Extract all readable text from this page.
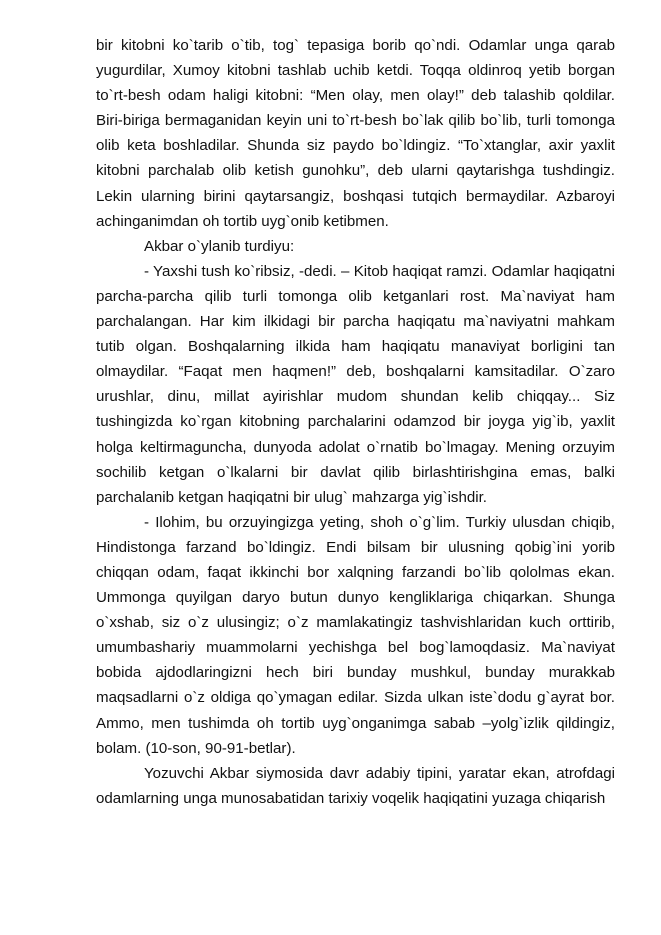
bir kitobni ko`tarib o`tib, tog` tepasiga borib qo`ndi. Odamlar unga qarab yugurdilar, Xumoy kitobni tashlab uchib ketdi. Toqqa oldinroq yetib borgan to`rt-besh odam haligi kitobni: “Men olay, men olay!” deb talashib qoldilar. Biri-biriga bermaganidan keyin uni to`rt-besh bo`lak qilib bo`lib, turli tomonga olib keta boshladilar. Shunda siz paydo bo`ldingiz. “To`xtanglar, axir yaxlit kitobni parchalab olib ketish gunohku”, deb ularni qaytarishga tushdingiz. Lekin ularning birini qaytarsangiz, boshqasi tutqich bermaydilar. Azbaroyi achinganimdan oh tortib uyg`onib ketibmen.

Akbar o`ylanib turdiyu:

- Yaxshi tush ko`ribsiz, -dedi. – Kitob haqiqat ramzi. Odamlar haqiqatni parcha-parcha qilib turli tomonga olib ketganlari rost. Ma`naviyat ham parchalangan. Har kim ilkidagi bir parcha haqiqatu ma`naviyatni mahkam tutib olgan. Boshqalarning ilkida ham haqiqatu manaviyat borligini tan olmaydilar. “Faqat men haqmen!” deb, boshqalarni kamsitadilar. O`zaro urushlar, dinu, millat ayirishlar mudom shundan kelib chiqqay... Siz tushingizda ko`rgan kitobning parchalarini odamzod bir joyga yig`ib, yaxlit holga keltirmaguncha, dunyoda adolat o`rnatib bo`lmagay. Mening orzuyim sochilib ketgan o`lkalarni bir davlat qilib birlashtirishgina emas, balki parchalanib ketgan haqiqatni bir ulug` mahzarga yig`ishdir.

- Ilohim, bu orzuyingizga yeting, shoh o`g`lim. Turkiy ulusdan chiqib, Hindistonga farzand bo`ldingiz. Endi bilsam bir ulusning qobig`ini yorib chiqqan odam, faqat ikkinchi bor xalqning farzandi bo`lib qololmas ekan. Ummonga quyilgan daryo butun dunyo kengliklariga chiqarkan. Shunga o`xshab, siz o`z ulusingiz; o`z mamlakatingiz tashvishlaridan kuch orttirib, umumbashariy muammolarni yechishga bel bog`lamoqdasiz. Ma`naviyat bobida ajdodlaringizni hech biri bunday mushkul, bunday murakkab maqsadlarni o`z oldiga qo`ymagan edilar. Sizda ulkan iste`dodu g`ayrat bor. Ammo, men tushimda oh tortib uyg`onganimga sabab –yolg`izlik qildingiz, bolam. (10-son, 90-91-betlar).

Yozuvchi Akbar siymosida davr adabiy tipini, yaratar ekan, atrofdagi odamlarning unga munosabatidan tarixiy voqelik haqiqatini yuzaga chiqarish
